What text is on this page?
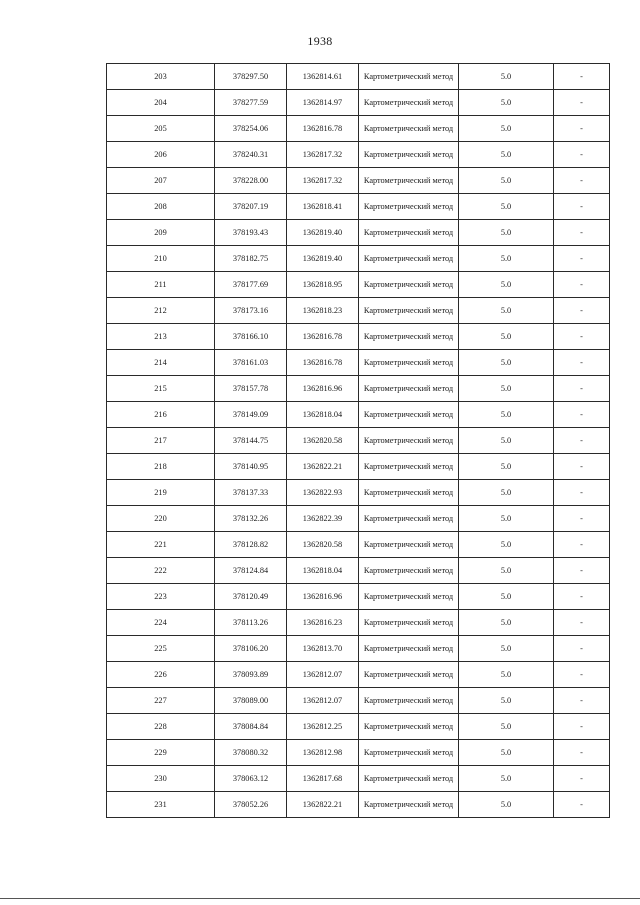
1938
203	378297.50	1362814.61	Картометрический метод	5.0	-
204	378277.59	1362814.97	Картометрический метод	5.0	-
205	378254.06	1362816.78	Картометрический метод	5.0	-
206	378240.31	1362817.32	Картометрический метод	5.0	-
207	378228.00	1362817.32	Картометрический метод	5.0	-
208	378207.19	1362818.41	Картометрический метод	5.0	-
209	378193.43	1362819.40	Картометрический метод	5.0	-
210	378182.75	1362819.40	Картометрический метод	5.0	-
211	378177.69	1362818.95	Картометрический метод	5.0	-
212	378173.16	1362818.23	Картометрический метод	5.0	-
213	378166.10	1362816.78	Картометрический метод	5.0	-
214	378161.03	1362816.78	Картометрический метод	5.0	-
215	378157.78	1362816.96	Картометрический метод	5.0	-
216	378149.09	1362818.04	Картометрический метод	5.0	-
217	378144.75	1362820.58	Картометрический метод	5.0	-
218	378140.95	1362822.21	Картометрический метод	5.0	-
219	378137.33	1362822.93	Картометрический метод	5.0	-
220	378132.26	1362822.39	Картометрический метод	5.0	-
221	378128.82	1362820.58	Картометрический метод	5.0	-
222	378124.84	1362818.04	Картометрический метод	5.0	-
223	378120.49	1362816.96	Картометрический метод	5.0	-
224	378113.26	1362816.23	Картометрический метод	5.0	-
225	378106.20	1362813.70	Картометрический метод	5.0	-
226	378093.89	1362812.07	Картометрический метод	5.0	-
227	378089.00	1362812.07	Картометрический метод	5.0	-
228	378084.84	1362812.25	Картометрический метод	5.0	-
229	378080.32	1362812.98	Картометрический метод	5.0	-
230	378063.12	1362817.68	Картометрический метод	5.0	-
231	378052.26	1362822.21	Картометрический метод	5.0	-
